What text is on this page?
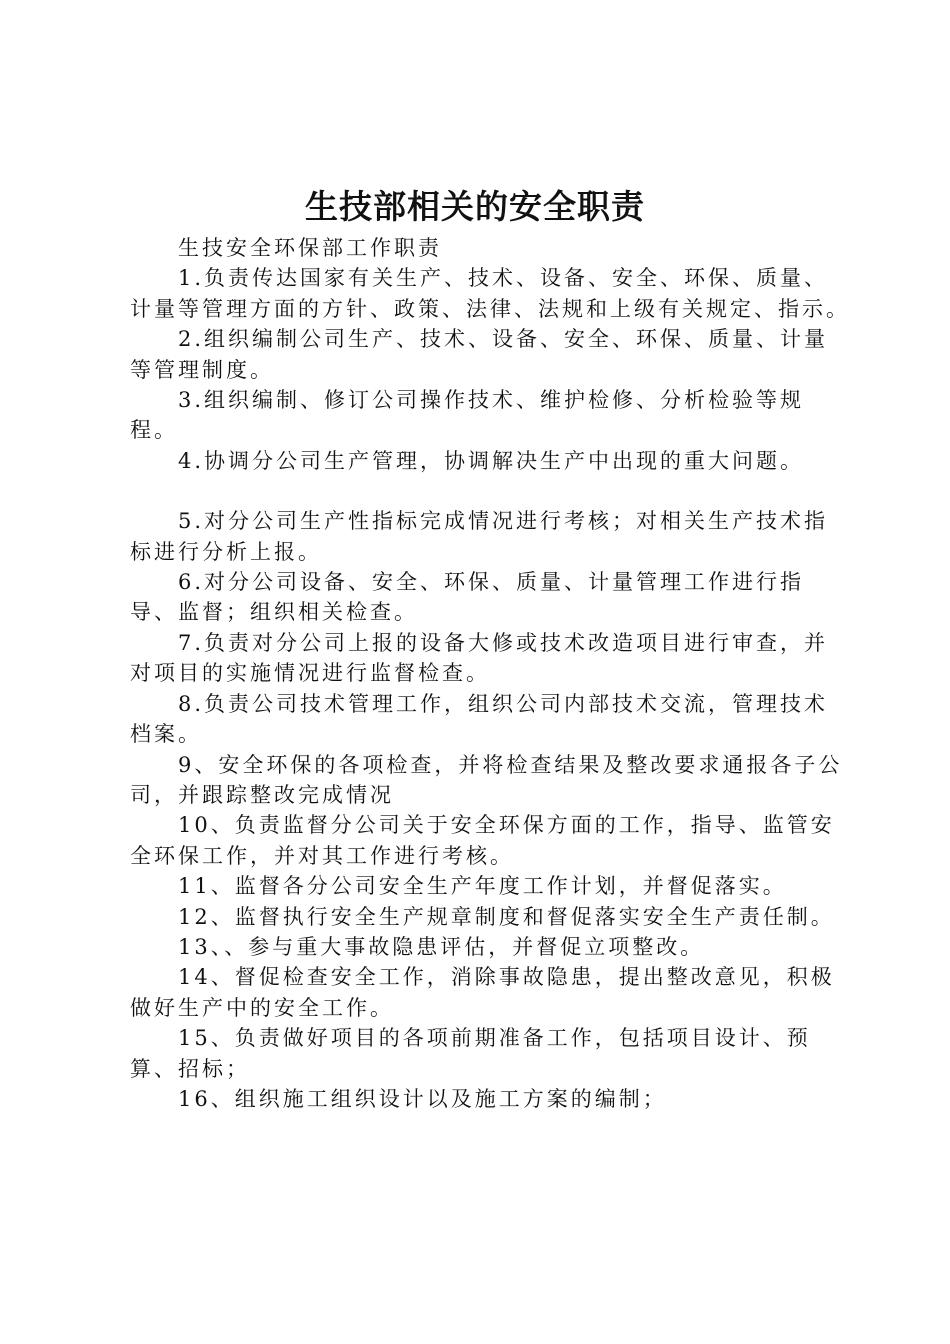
生技部相关的安全职责

生技安全环保部工作职责

1.负责传达国家有关生产、技术、设备、安全、环保、质量、计量等管理方面的方针、政策、法律、法规和上级有关规定、指示。

2.组织编制公司生产、技术、设备、安全、环保、质量、计量等管理制度。

3.组织编制、修订公司操作技术、维护检修、分析检验等规程。

4.协调分公司生产管理，协调解决生产中出现的重大问题。

5.对分公司生产性指标完成情况进行考核；对相关生产技术指标进行分析上报。

6.对分公司设备、安全、环保、质量、计量管理工作进行指导、监督；组织相关检查。

7.负责对分公司上报的设备大修或技术改造项目进行审查，并对项目的实施情况进行监督检查。

8.负责公司技术管理工作，组织公司内部技术交流，管理技术档案。

9、安全环保的各项检查，并将检查结果及整改要求通报各子公司，并跟踪整改完成情况

10、负责监督分公司关于安全环保方面的工作，指导、监管安全环保工作，并对其工作进行考核。

11、监督各分公司安全生产年度工作计划，并督促落实。

12、监督执行安全生产规章制度和督促落实安全生产责任制。

13、、参与重大事故隐患评估，并督促立项整改。

14、督促检查安全工作，消除事故隐患，提出整改意见，积极做好生产中的安全工作。

15、负责做好项目的各项前期准备工作，包括项目设计、预算、招标；

16、组织施工组织设计以及施工方案的编制；
